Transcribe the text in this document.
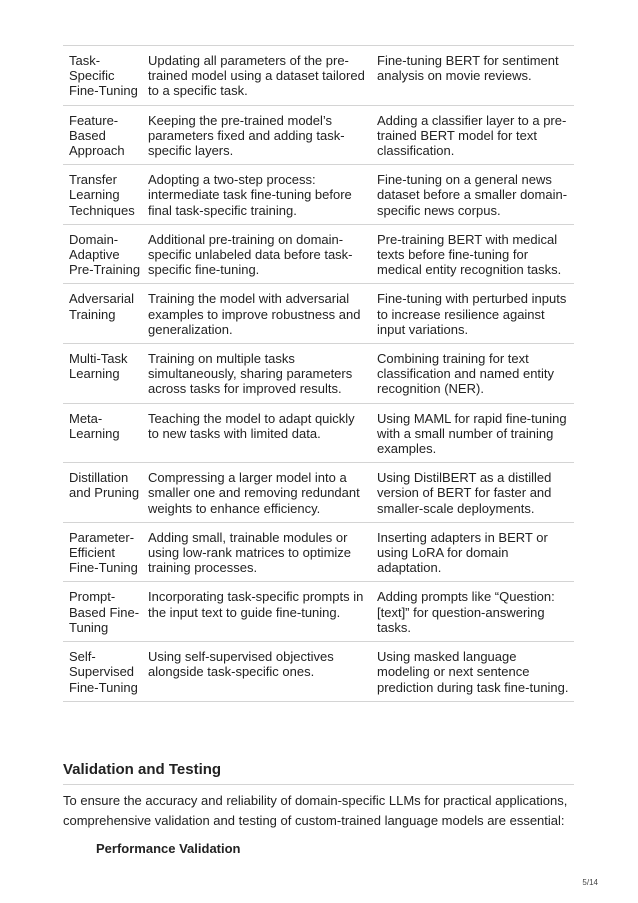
Task-Specific Fine-Tuning	Updating all parameters of the pre-trained model using a dataset tailored to a specific task.	Fine-tuning BERT for sentiment analysis on movie reviews.
Feature-Based Approach	Keeping the pre-trained model’s parameters fixed and adding task-specific layers.	Adding a classifier layer to a pre-trained BERT model for text classification.
Transfer Learning Techniques	Adopting a two-step process: intermediate task fine-tuning before final task-specific training.	Fine-tuning on a general news dataset before a smaller domain-specific news corpus.
Domain-Adaptive Pre-Training	Additional pre-training on domain-specific unlabeled data before task-specific fine-tuning.	Pre-training BERT with medical texts before fine-tuning for medical entity recognition tasks.
Adversarial Training	Training the model with adversarial examples to improve robustness and generalization.	Fine-tuning with perturbed inputs to increase resilience against input variations.
Multi-Task Learning	Training on multiple tasks simultaneously, sharing parameters across tasks for improved results.	Combining training for text classification and named entity recognition (NER).
Meta-Learning	Teaching the model to adapt quickly to new tasks with limited data.	Using MAML for rapid fine-tuning with a small number of training examples.
Distillation and Pruning	Compressing a larger model into a smaller one and removing redundant weights to enhance efficiency.	Using DistilBERT as a distilled version of BERT for faster and smaller-scale deployments.
Parameter-Efficient Fine-Tuning	Adding small, trainable modules or using low-rank matrices to optimize training processes.	Inserting adapters in BERT or using LoRA for domain adaptation.
Prompt-Based Fine-Tuning	Incorporating task-specific prompts in the input text to guide fine-tuning.	Adding prompts like “Question: [text]” for question-answering tasks.
Self-Supervised Fine-Tuning	Using self-supervised objectives alongside task-specific ones.	Using masked language modeling or next sentence prediction during task fine-tuning.
Validation and Testing

To ensure the accuracy and reliability of domain-specific LLMs for practical applications, comprehensive validation and testing of custom-trained language models are essential:

Performance Validation
5/14
